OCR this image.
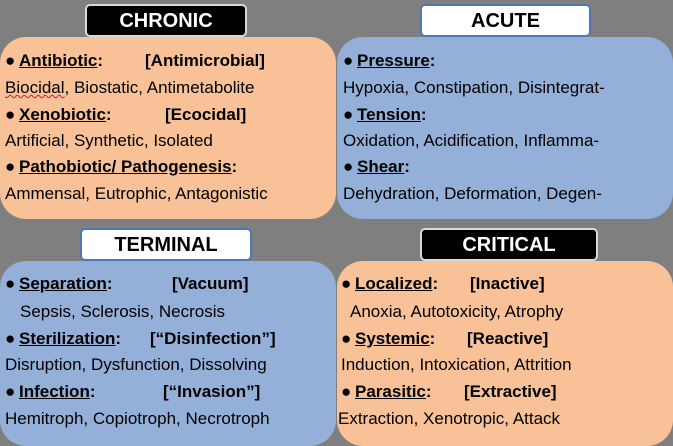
CHRONIC	ACUTE
TERMINAL	CRITICAL
● Antibiotic: [Antimicrobial]
Biocidal, Biostatic, Antimetabolite
● Xenobiotic:	[Ecocidal]
Artificial, Synthetic, Isolated
● Pathobiotic/ Pathogenesis:
Ammensal, Eutrophic, Antagonistic
● Pressure:
Hypoxia, Constipation, Disintegrat-
● Tension:
Oxidation, Acidification, Inflamma-
● Shear:
Dehydration, Deformation, Degen-
● Separation:	[Vacuum]
Sepsis, Sclerosis, Necrosis
● Sterilization: [“Disinfection”]
Disruption, Dysfunction, Dissolving
● Infection:	[“Invasion”]
Hemitroph, Copiotroph, Necrotroph
● Localized: [Inactive]
Anoxia, Autotoxicity, Atrophy
● Systemic: [Reactive]
Induction, Intoxication, Attrition
● Parasitic: [Extractive]
Extraction, Xenotropic, Attack
